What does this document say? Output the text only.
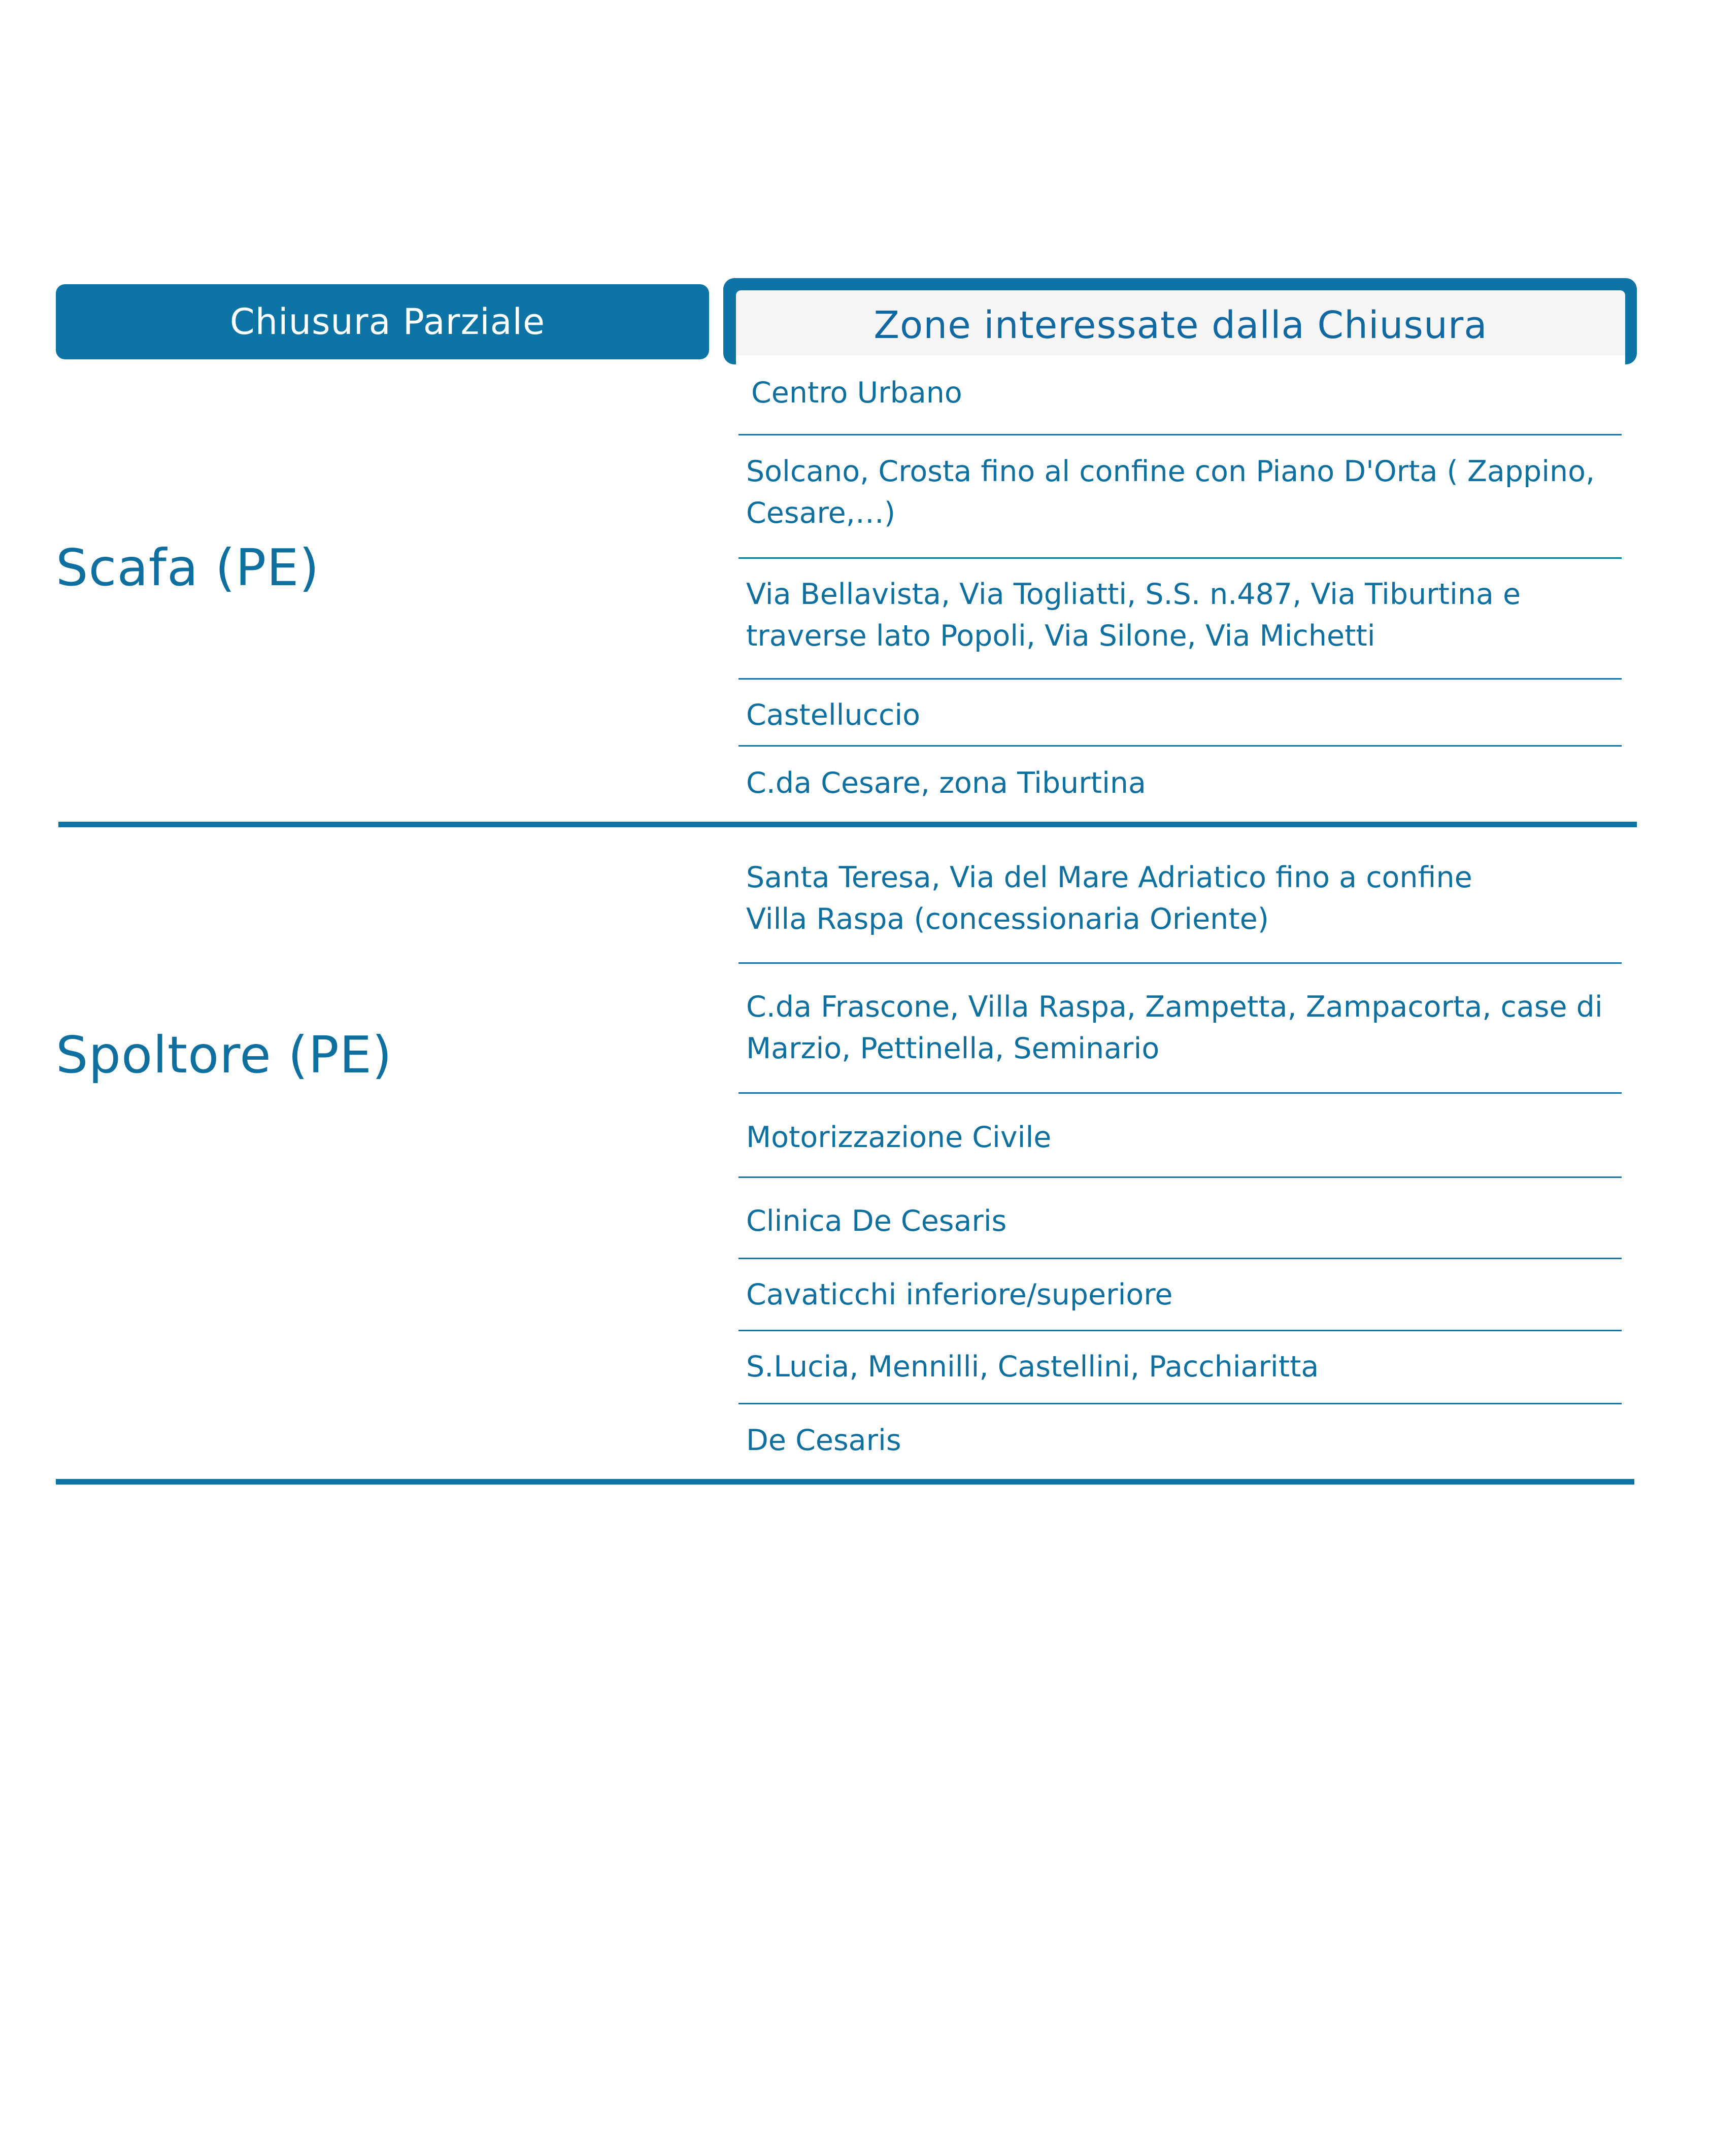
Chiusura Parziale	Zone interessate dalla Chiusura
Scafa (PE)
Centro Urbano
Solcano, Crosta fino al confine con Piano D'Orta ( Zappino, Cesare,…)
Via Bellavista, Via Togliatti, S.S. n.487, Via Tiburtina e traverse lato Popoli, Via Silone, Via Michetti
Castelluccio
C.da Cesare, zona Tiburtina
Spoltore (PE)
Santa Teresa, Via del Mare Adriatico fino a confine Villa Raspa (concessionaria Oriente)
C.da Frascone, Villa Raspa, Zampetta, Zampacorta, case di Marzio, Pettinella, Seminario
Motorizzazione Civile
Clinica De Cesaris
Cavaticchi inferiore/superiore
S.Lucia, Mennilli, Castellini, Pacchiaritta
De Cesaris
